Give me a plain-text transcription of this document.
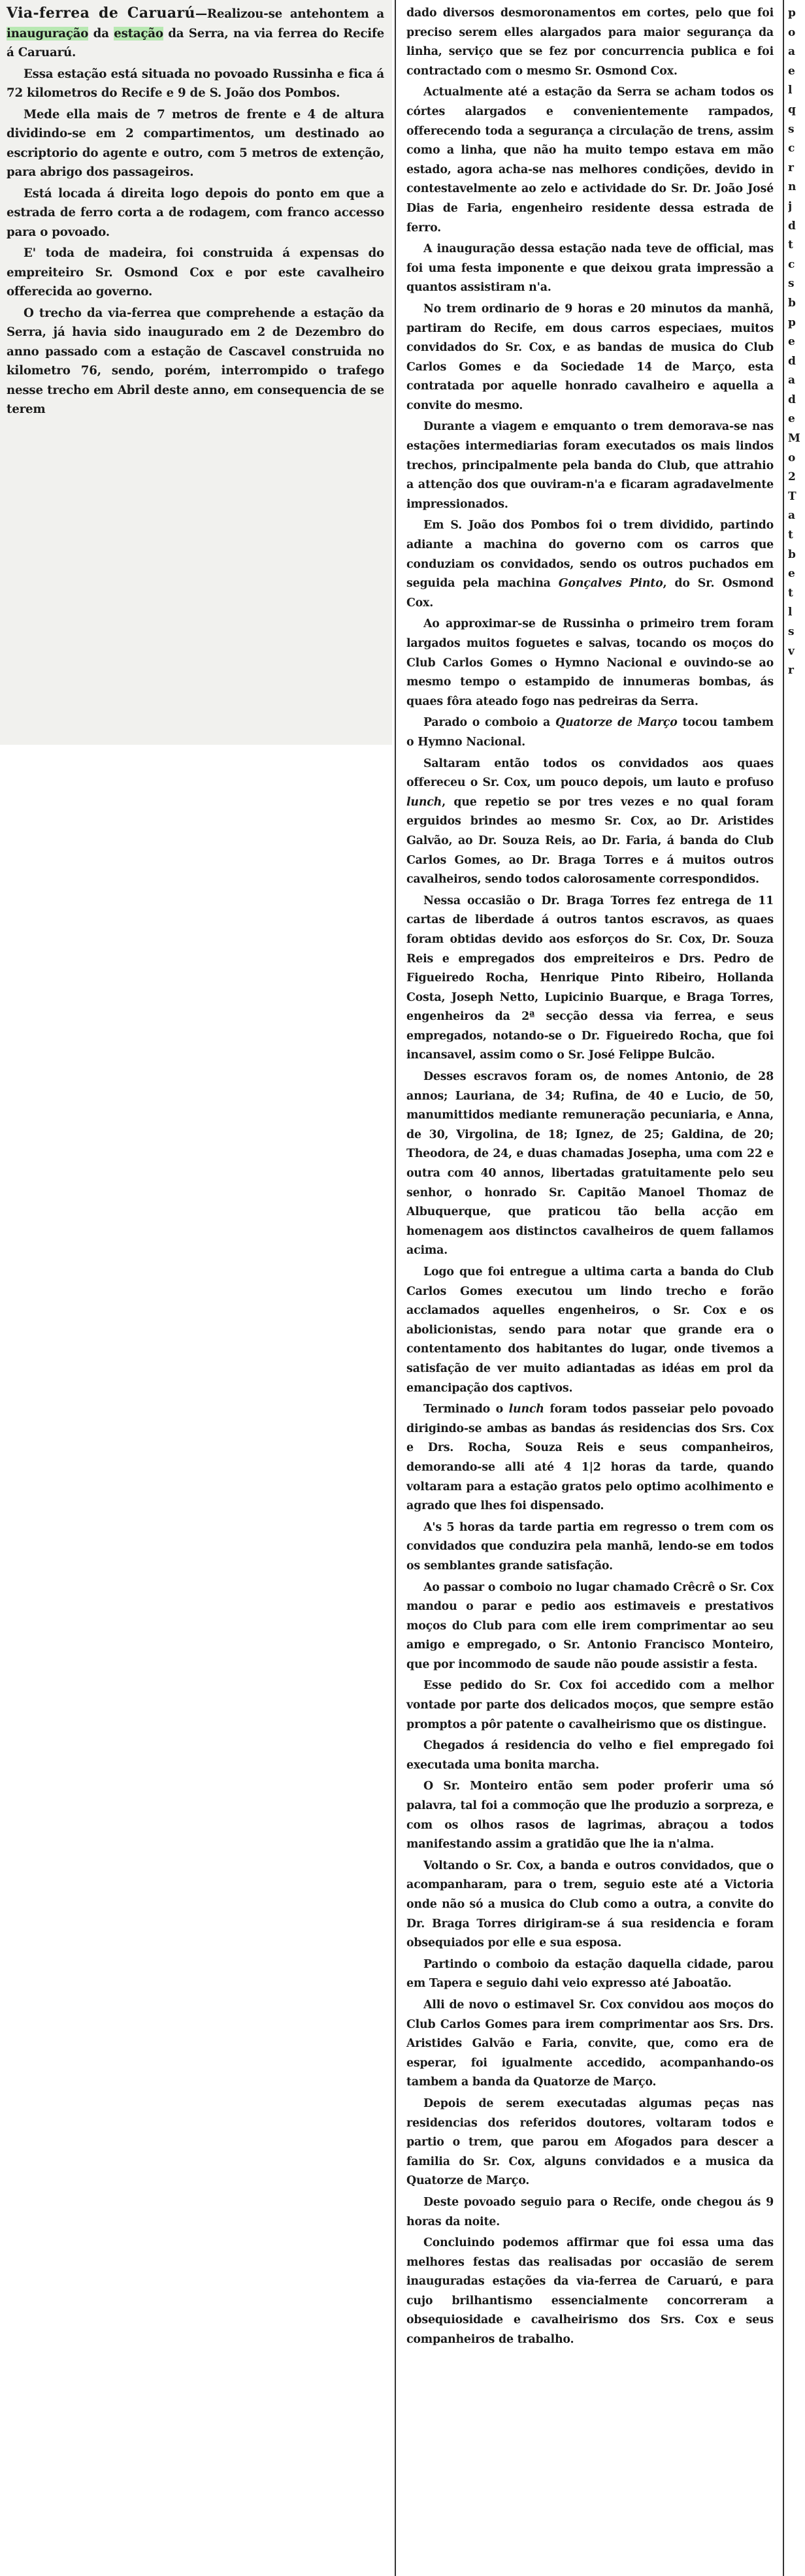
Via-ferrea de Caruarú—Realizou-se antehontem a inauguração da estação da Serra, na via ferrea do Recife á Caruarú.

Essa estação está situada no povoado Russinha e fica á 72 kilometros do Recife e 9 de S. João dos Pombos.

Mede ella mais de 7 metros de frente e 4 de altura dividindo-se em 2 compartimentos, um destinado ao escriptorio do agente e outro, com 5 metros de extenção, para abrigo dos passageiros.

Está locada á direita logo depois do ponto em que a estrada de ferro corta a de rodagem, com franco accesso para o povoado.

E' toda de madeira, foi construida á expensas do empreiteiro Sr. Osmond Cox e por este cavalheiro offerecida ao governo.

O trecho da via-ferrea que comprehende a estação da Serra, já havia sido inaugurado em 2 de Dezembro do anno passado com a estação de Cascavel construida no kilometro 76, sendo, porém, interrompido o trafego nesse trecho em Abril deste anno, em consequencia de se terem

dado diversos desmoronamentos em cortes, pelo que foi preciso serem elles alargados para maior segurança da linha, serviço que se fez por concurrencia publica e foi contractado com o mesmo Sr. Osmond Cox.

Actualmente até a estação da Serra se acham todos os córtes alargados e convenientemente rampados, offerecendo toda a segurança a circulação de trens, assim como a linha, que não ha muito tempo estava em mão estado, agora acha-se nas melhores condições, devido in contestavelmente ao zelo e actividade do Sr. Dr. João José Dias de Faria, engenheiro residente dessa estrada de ferro.

A inauguração dessa estação nada teve de official, mas foi uma festa imponente e que deixou grata impressão a quantos assistiram n'a.

No trem ordinario de 9 horas e 20 minutos da manhã, partiram do Recife, em dous carros especiaes, muitos convidados do Sr. Cox, e as bandas de musica do Club Carlos Gomes e da Sociedade 14 de Março, esta contratada por aquelle honrado cavalheiro e aquella a convite do mesmo.

Durante a viagem e emquanto o trem demorava-se nas estações intermediarias foram executados os mais lindos trechos, principalmente pela banda do Club, que attrahio a attenção dos que ouviram-n'a e ficaram agradavelmente impressionados.

Em S. João dos Pombos foi o trem dividido, partindo adiante a machina do governo com os carros que conduziam os convidados, sendo os outros puchados em seguida pela machina Gonçalves Pinto, do Sr. Osmond Cox.

Ao approximar-se de Russinha o primeiro trem foram largados muitos foguetes e salvas, tocando os moços do Club Carlos Gomes o Hymno Nacional e ouvindo-se ao mesmo tempo o estampido de innumeras bombas, ás quaes fôra ateado fogo nas pedreiras da Serra.

Parado o comboio a Quatorze de Março tocou tambem o Hymno Nacional.

Saltaram então todos os convidados aos quaes offereceu o Sr. Cox, um pouco depois, um lauto e profuso lunch, que repetio se por tres vezes e no qual foram erguidos brindes ao mesmo Sr. Cox, ao Dr. Aristides Galvão, ao Dr. Souza Reis, ao Dr. Faria, á banda do Club Carlos Gomes, ao Dr. Braga Torres e á muitos outros cavalheiros, sendo todos calorosamente correspondidos.

Nessa occasião o Dr. Braga Torres fez entrega de 11 cartas de liberdade á outros tantos escravos, as quaes foram obtidas devido aos esforços do Sr. Cox, Dr. Souza Reis e empregados dos empreiteiros e Drs. Pedro de Figueiredo Rocha, Henrique Pinto Ribeiro, Hollanda Costa, Joseph Netto, Lupicinio Buarque, e Braga Torres, engenheiros da 2ª secção dessa via ferrea, e seus empregados, notando-se o Dr. Figueiredo Rocha, que foi incansavel, assim como o Sr. José Felippe Bulcão.

Desses escravos foram os, de nomes Antonio, de 28 annos; Lauriana, de 34; Rufina, de 40 e Lucio, de 50, manumittidos mediante remuneração pecuniaria, e Anna, de 30, Virgolina, de 18; Ignez, de 25; Galdina, de 20; Theodora, de 24, e duas chamadas Josepha, uma com 22 e outra com 40 annos, libertadas gratuitamente pelo seu senhor, o honrado Sr. Capitão Manoel Thomaz de Albuquerque, que praticou tão bella acção em homenagem aos distinctos cavalheiros de quem fallamos acima.

Logo que foi entregue a ultima carta a banda do Club Carlos Gomes executou um lindo trecho e forão acclamados aquelles engenheiros, o Sr. Cox e os abolicionistas, sendo para notar que grande era o contentamento dos habitantes do lugar, onde tivemos a satisfação de ver muito adiantadas as idéas em prol da emancipação dos captivos.

Terminado o lunch foram todos passeiar pelo povoado dirigindo-se ambas as bandas ás residencias dos Srs. Cox e Drs. Rocha, Souza Reis e seus companheiros, demorando-se alli até 4 1|2 horas da tarde, quando voltaram para a estação gratos pelo optimo acolhimento e agrado que lhes foi dispensado.

A's 5 horas da tarde partia em regresso o trem com os convidados que conduzira pela manhã, lendo-se em todos os semblantes grande satisfação.

Ao passar o comboio no lugar chamado Crêcrê o Sr. Cox mandou o parar e pedio aos estimaveis e prestativos moços do Club para com elle irem comprimentar ao seu amigo e empregado, o Sr. Antonio Francisco Monteiro, que por incommodo de saude não poude assistir a festa.

Esse pedido do Sr. Cox foi accedido com a melhor vontade por parte dos delicados moços, que sempre estão promptos a pôr patente o cavalheirismo que os distingue.

Chegados á residencia do velho e fiel empregado foi executada uma bonita marcha.

O Sr. Monteiro então sem poder proferir uma só palavra, tal foi a commoção que lhe produzio a sorpreza, e com os olhos rasos de lagrimas, abraçou a todos manifestando assim a gratidão que lhe ia n'alma.

Voltando o Sr. Cox, a banda e outros convidados, que o acompanharam, para o trem, seguio este até a Victoria onde não só a musica do Club como a outra, a convite do Dr. Braga Torres dirigiram-se á sua residencia e foram obsequiados por elle e sua esposa.

Partindo o comboio da estação daquella cidade, parou em Tapera e seguio dahi veio expresso até Jaboatão.

Alli de novo o estimavel Sr. Cox convidou aos moços do Club Carlos Gomes para irem comprimentar aos Srs. Drs. Aristides Galvão e Faria, convite, que, como era de esperar, foi igualmente accedido, acompanhando-os tambem a banda da Quatorze de Março.

Depois de serem executadas algumas peças nas residencias dos referidos doutores, voltaram todos e partio o trem, que parou em Afogados para descer a familia do Sr. Cox, alguns convidados e a musica da Quatorze de Março.

Deste povoado seguio para o Recife, onde chegou ás 9 horas da noite.

Concluindo podemos affirmar que foi essa uma das melhores festas das realisadas por occasião de serem inauguradas estações da via-ferrea de Caruarú, e para cujo brilhantismo essencialmente concorreram a obsequiosidade e cavalheirismo dos Srs. Cox e seus companheiros de trabalho.

p
o
a
e
l
q
s
c
r
n
j
d
t
c
s
b
p
e
d
a
d
e
M
o
2
T
a
t
b
e
t
l
s
v
r
